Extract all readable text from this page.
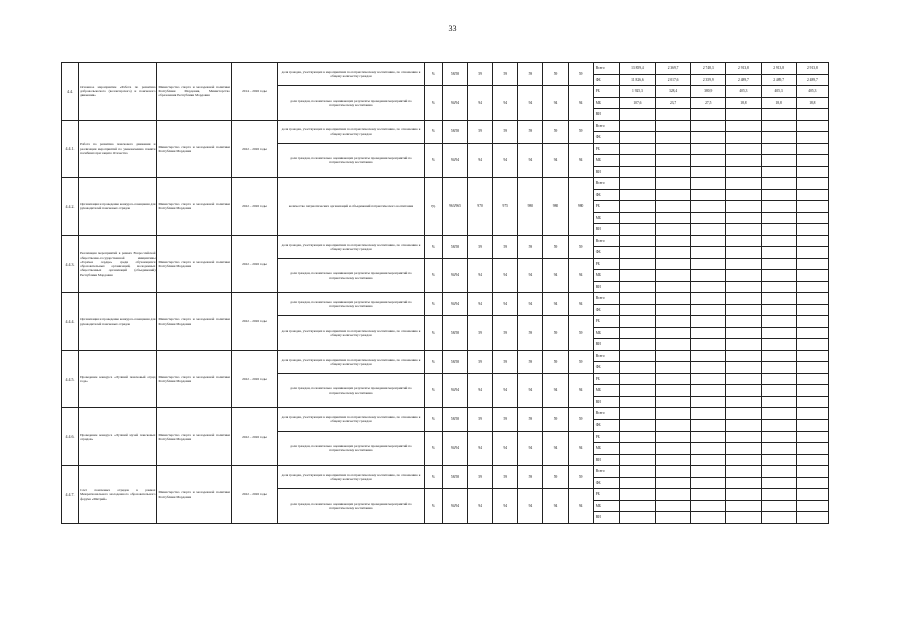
33
4.4.	Основное мероприятие «Работа по развитию добровольческого (волонтерского) и поискового движения»	Министерство спорта и молодежной политики Республики Мордовия, Министерство образования Республики Мордовия	2014 – 2026 годы	доля граждан, участвующих в мероприятиях по патриотическому воспитанию, по отношению к общему количеству граждан	%	58/58	59	59	59	59	59	Всего	13 859,4	2 369,7	2 748,3	2 913,8	2 913,8	2 913,8
												ФБ	11 826,6	2 017,6	2 359,9	2 489,7	2 489,7	2 489,7
				доля граждан, положительно оценивающих результаты проведения мероприятий по патриотическому воспитанию	%	94/94	94	94	94	94	94	РБ	1 925,3	328,4	380,9	405,3	405,3	405,3
												МБ	107,6	23,7	27,5	18,8	18,8	18,8
												ВИ						
4.4.1.	Работа по развитию поискового движения и реализация мероприятий по увековечению памяти погибших при защите Отечества	Министерство спорта и молодежной политики Республики Мордовия	2022 – 2026 годы	доля граждан, участвующих в мероприятиях по патриотическому воспитанию, по отношению к общему количеству граждан	%	58/58	59	59	59	59	59	Всего						
												ФБ						
				доля граждан, положительно оценивающих результаты проведения мероприятий по патриотическому воспитанию	%	94/94	94	94	94	94	94	РБ						
												МБ						
												ВИ						
4.4.2.	Организация и проведение конкурса-совещания для руководителей поисковых отрядов	Министерство спорта и молодежной политики Республики Мордовия	2022 – 2026 годы	количество патриотических организаций и объединений патриотического воспитания	ед.	963/965	970	975	980	980	980	Всего						
												ФБ						
												РБ						
												МБ						
												ВИ						
4.4.3.	Реализация мероприятий в рамках Всероссийской общественно-государственной инициативы «Горячее сердце» среди обучающихся образовательных организаций, молодежных общественных организаций (объединений) Республики Мордовия	Министерство спорта и молодежной политики Республики Мордовия	2022 – 2026 годы	доля граждан, участвующих в мероприятиях по патриотическому воспитанию, по отношению к общему количеству граждан	%	58/58	59	59	59	59	59	Всего						
												ФБ						
				доля граждан, положительно оценивающих результаты проведения мероприятий по патриотическому воспитанию	%	94/94	94	94	94	94	94	РБ						
												МБ						
												ВИ						
4.4.4.	Организация и проведение конкурса-совещания для руководителей поисковых отрядов	Министерство спорта и молодежной политики Республики Мордовия	2022 – 2026 годы	доля граждан, положительно оценивающих результаты проведения мероприятий по патриотическому воспитанию	%	94/94	94	94	94	94	94	Всего						
												ФБ						
				доля граждан, участвующих в мероприятиях по патриотическому воспитанию, по отношению к общему количеству граждан	%	58/58	59	59	59	59	59	РБ						
												МБ						
												ВИ						
4.4.5.	Проведение конкурса «Лучший поисковый отряд года»	Министерство спорта и молодежной политики Республики Мордовия	2022 – 2026 годы	доля граждан, участвующих в мероприятиях по патриотическому воспитанию, по отношению к общему количеству граждан	%	58/58	59	59	59	59	59	Всего						
												ФБ						
				доля граждан, положительно оценивающих результаты проведения мероприятий по патриотическому воспитанию	%	94/94	94	94	94	94	94	РБ						
												МБ						
												ВИ						
4.4.6.	Проведение конкурса «Лучший музей поисковых отрядов»	Министерство спорта и молодежной политики Республики Мордовия	2022 – 2026 годы	доля граждан, участвующих в мероприятиях по патриотическому воспитанию, по отношению к общему количеству граждан	%	58/58	59	59	59	59	59	Всего						
												ФБ						
				доля граждан, положительно оценивающих результаты проведения мероприятий по патриотическому воспитанию	%	94/94	94	94	94	94	94	РБ						
												МБ						
												ВИ						
4.4.7.	Слет поисковых отрядов в рамках Межрегионального молодежного образовательного форума «Митрий»	Министерство спорта и молодежной политики Республики Мордовия	2022 – 2026 годы	доля граждан, участвующих в мероприятиях по патриотическому воспитанию, по отношению к общему количеству граждан	%	58/58	59	59	59	59	59	Всего						
												ФБ						
				доля граждан, положительно оценивающих результаты проведения мероприятий по патриотическому воспитанию	%	94/94	94	94	94	94	94	РБ						
												МБ						
												ВИ						
